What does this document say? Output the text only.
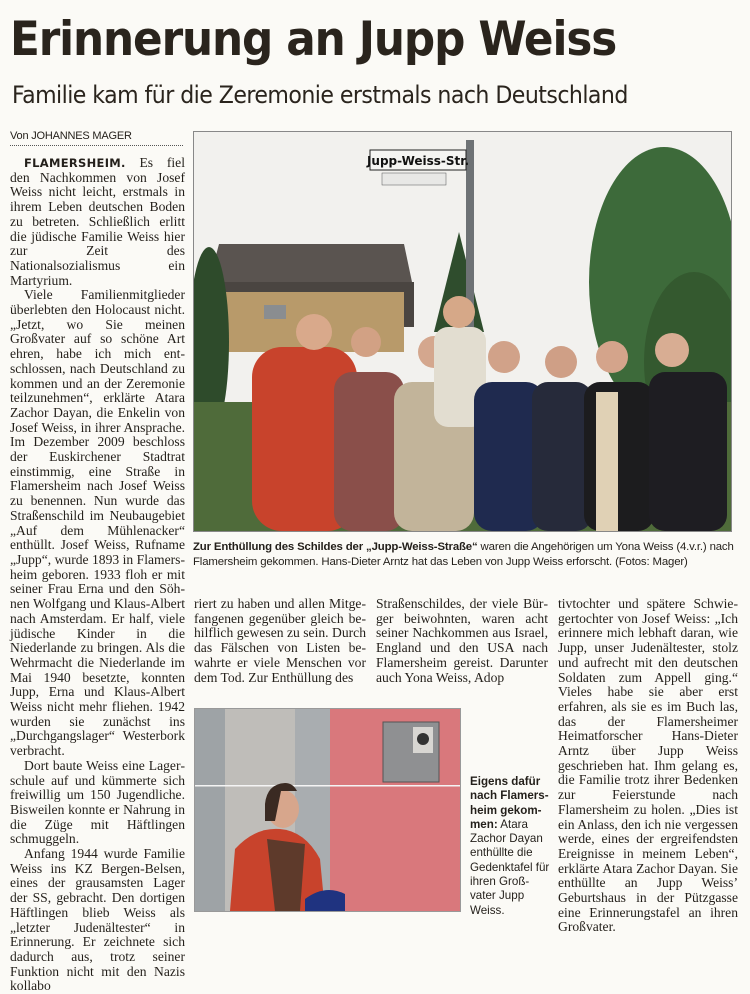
Erinnerung an Jupp Weiss
Familie kam für die Zeremonie erstmals nach Deutschland
Von JOHANNES MAGER

FLAMERSHEIM. Es fiel den Nachkommen von Josef Weiss nicht leicht, erstmals in ihrem Leben deutschen Boden zu betreten. Schließlich erlitt die jüdische Familie Weiss hier zur Zeit des Nationalsozialismus ein Martyrium.

Viele Familienmitglieder überlebten den Holocaust nicht. „Jetzt, wo Sie meinen Großvater auf so schöne Art ehren, habe ich mich entschlossen, nach Deutschland zu kommen und an der Zeremonie teilzunehmen“, erklärte Atara Zachor Dayan, die Enkelin von Josef Weiss, in ihrer Ansprache. Im Dezember 2009 beschloss der Euskirchener Stadtrat einstimmig, eine Straße in Flamersheim nach Josef Weiss zu benennen. Nun wurde das Straßenschild im Neubaugebiet „Auf dem Mühlenacker“ enthüllt. Josef Weiss, Rufname „Jupp“, wurde 1893 in Flamersheim geboren. 1933 floh er mit seiner Frau Erna und den Söhnen Wolfgang und Klaus-Albert nach Amsterdam. Er half, viele jüdische Kinder in die Niederlande zu bringen. Als die Wehrmacht die Niederlande im Mai 1940 besetzte, konnten Jupp, Erna und Klaus-Albert Weiss nicht mehr fliehen. 1942 wurden sie zunächst ins „Durchgangslager“ Westerbork verbracht.

Dort baute Weiss eine Lagerschule auf und kümmerte sich freiwillig um 150 Jugendliche. Bisweilen konnte er Nahrung in die Züge mit Häftlingen schmuggeln.

Anfang 1944 wurde Familie Weiss ins KZ Bergen-Belsen, eines der grausamsten Lager der SS, gebracht. Den dortigen Häftlingen blieb Weiss als „letzter Judenältester“ in Erinnerung. Er zeichnete sich dadurch aus, trotz seiner Funktion nicht mit den Nazis kollabo

Jupp-Weiss-Str.
Zur Enthüllung des Schildes der „Jupp-Weiss-Straße“ waren die Angehörigen um Yona Weiss (4.v.r.) nach Flamersheim gekommen. Hans-Dieter Arntz hat das Leben von Jupp Weiss erforscht. (Fotos: Mager)

riert zu haben und allen Mitgefangenen gegenüber gleich behilflich gewesen zu sein. Durch das Fälschen von Listen bewahrte er viele Menschen vor dem Tod. Zur Enthüllung des

Straßenschildes, der viele Bürger beiwohnten, waren acht seiner Nachkommen aus Israel, England und den USA nach Flamersheim gereist. Darunter auch Yona Weiss, Adop

tivtochter und spätere Schwiegertochter von Josef Weiss: „Ich erinnere mich lebhaft daran, wie Jupp, unser Judenältester, stolz und aufrecht mit den deutschen Soldaten zum Appell ging.“ Vieles habe sie aber erst erfahren, als sie es im Buch las, das der Flamersheimer Heimatforscher Hans-Dieter Arntz über Jupp Weiss geschrieben hat. Ihm gelang es, die Familie trotz ihrer Bedenken zur Feierstunde nach Flamersheim zu holen. „Dies ist ein Anlass, den ich nie vergessen werde, eines der ergreifendsten Ereignisse in meinem Leben“, erklärte Atara Zachor Dayan. Sie enthüllte an Jupp Weiss’ Geburtshaus in der Pützgasse eine Erinnerungstafel an ihren Großvater.

Eigens dafür nach Flamersheim gekommen: Atara Zachor Dayan enthüllte die Gedenktafel für ihren Großvater Jupp Weiss.
